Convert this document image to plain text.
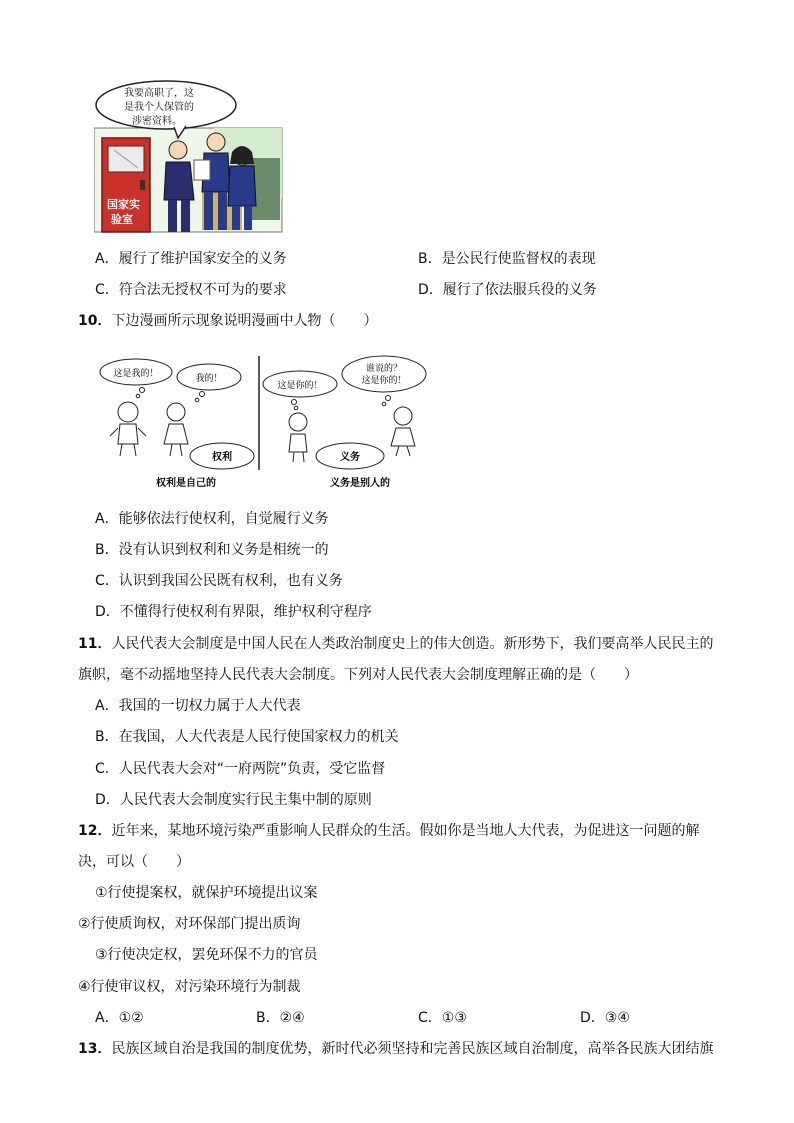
我要高职了，这
是我个人保管的
涉密资料。
国家实
验室
A．履行了维护国家安全的义务	B．是公民行使监督权的表现
C．符合法无授权不可为的要求	D．履行了依法服兵役的义务
10．下边漫画所示现象说明漫画中人物（　　）
这是我的！	我的！
权利
这是你的！
谁说的？
这是你的！
义务
权利是自己的	义务是别人的
A．能够依法行使权利，自觉履行义务
B．没有认识到权利和义务是相统一的
C．认识到我国公民既有权利，也有义务
D．不懂得行使权利有界限，维护权利守程序
11．人民代表大会制度是中国人民在人类政治制度史上的伟大创造。新形势下，我们要高举人民民主的
旗帜，毫不动摇地坚持人民代表大会制度。下列对人民代表大会制度理解正确的是（　　）
A．我国的一切权力属于人大代表
B．在我国，人大代表是人民行使国家权力的机关
C．人民代表大会对“一府两院”负责，受它监督
D．人民代表大会制度实行民主集中制的原则
12．近年来，某地环境污染严重影响人民群众的生活。假如你是当地人大代表，为促进这一问题的解
决，可以（　　）
①行使提案权，就保护环境提出议案
②行使质询权，对环保部门提出质询
③行使决定权，罢免环保不力的官员
④行使审议权，对污染环境行为制裁
A．①②	B．②④	C．①③	D．③④
13．民族区域自治是我国的制度优势，新时代必须坚持和完善民族区域自治制度，高举各民族大团结旗
